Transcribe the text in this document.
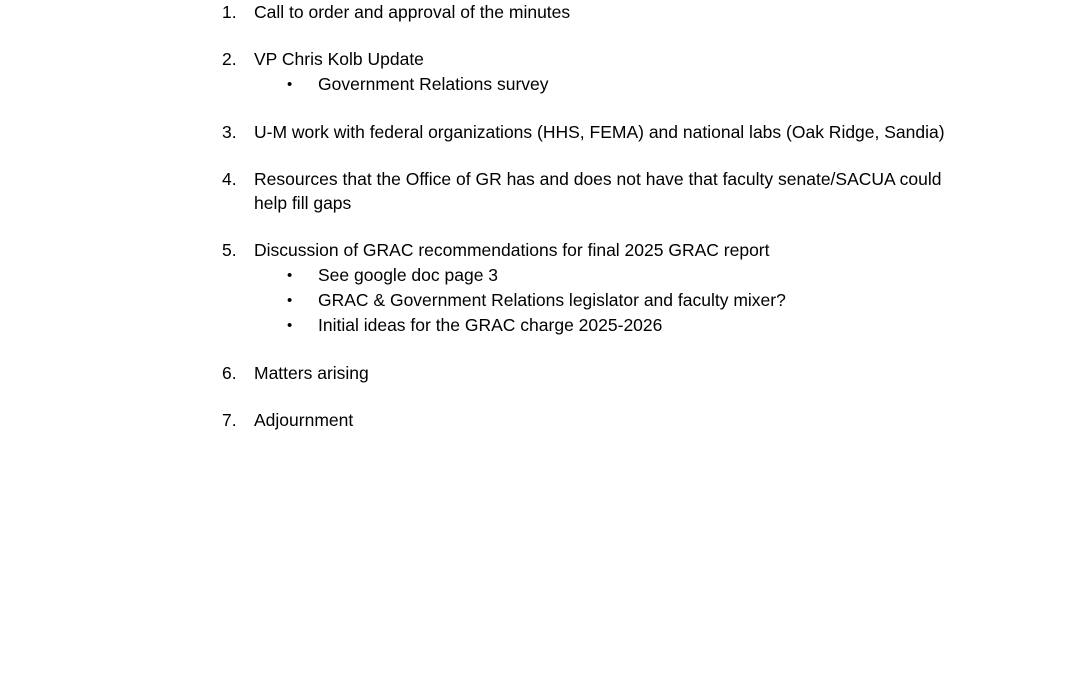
1. Call to order and approval of the minutes
2. VP Chris Kolb Update
• Government Relations survey
3. U-M work with federal organizations (HHS, FEMA) and national labs (Oak Ridge, Sandia)
4. Resources that the Office of GR has and does not have that faculty senate/SACUA could help fill gaps
5. Discussion of GRAC recommendations for final 2025 GRAC report
• See google doc page 3
• GRAC & Government Relations legislator and faculty mixer?
• Initial ideas for the GRAC charge 2025-2026
6. Matters arising
7. Adjournment
